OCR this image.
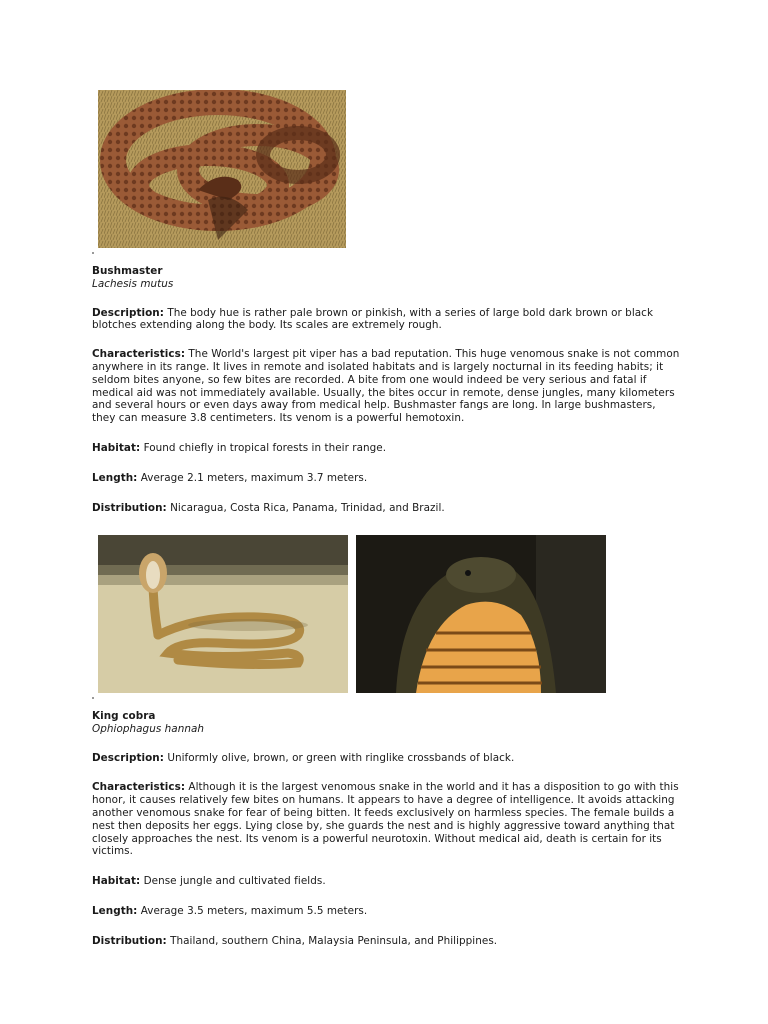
Bushmaster
Lachesis mutus

Description: The body hue is rather pale brown or pinkish, with a series of large bold dark brown or black blotches extending along the body. Its scales are extremely rough.

Characteristics: The World's largest pit viper has a bad reputation. This huge venomous snake is not common anywhere in its range. It lives in remote and isolated habitats and is largely nocturnal in its feeding habits; it seldom bites anyone, so few bites are recorded. A bite from one would indeed be very serious and fatal if medical aid was not immediately available. Usually, the bites occur in remote, dense jungles, many kilometers and several hours or even days away from medical help. Bushmaster fangs are long. In large bushmasters, they can measure 3.8 centimeters. Its venom is a powerful hemotoxin.

Habitat: Found chiefly in tropical forests in their range.

Length: Average 2.1 meters, maximum 3.7 meters.

Distribution: Nicaragua, Costa Rica, Panama, Trinidad, and Brazil.

King cobra
Ophiophagus hannah

Description: Uniformly olive, brown, or green with ringlike crossbands of black.

Characteristics: Although it is the largest venomous snake in the world and it has a disposition to go with this honor, it causes relatively few bites on humans. It appears to have a degree of intelligence. It avoids attacking another venomous snake for fear of being bitten. It feeds exclusively on harmless species. The female builds a nest then deposits her eggs. Lying close by, she guards the nest and is highly aggressive toward anything that closely approaches the nest. Its venom is a powerful neurotoxin. Without medical aid, death is certain for its victims.

Habitat: Dense jungle and cultivated fields.

Length: Average 3.5 meters, maximum 5.5 meters.

Distribution: Thailand, southern China, Malaysia Peninsula, and Philippines.
